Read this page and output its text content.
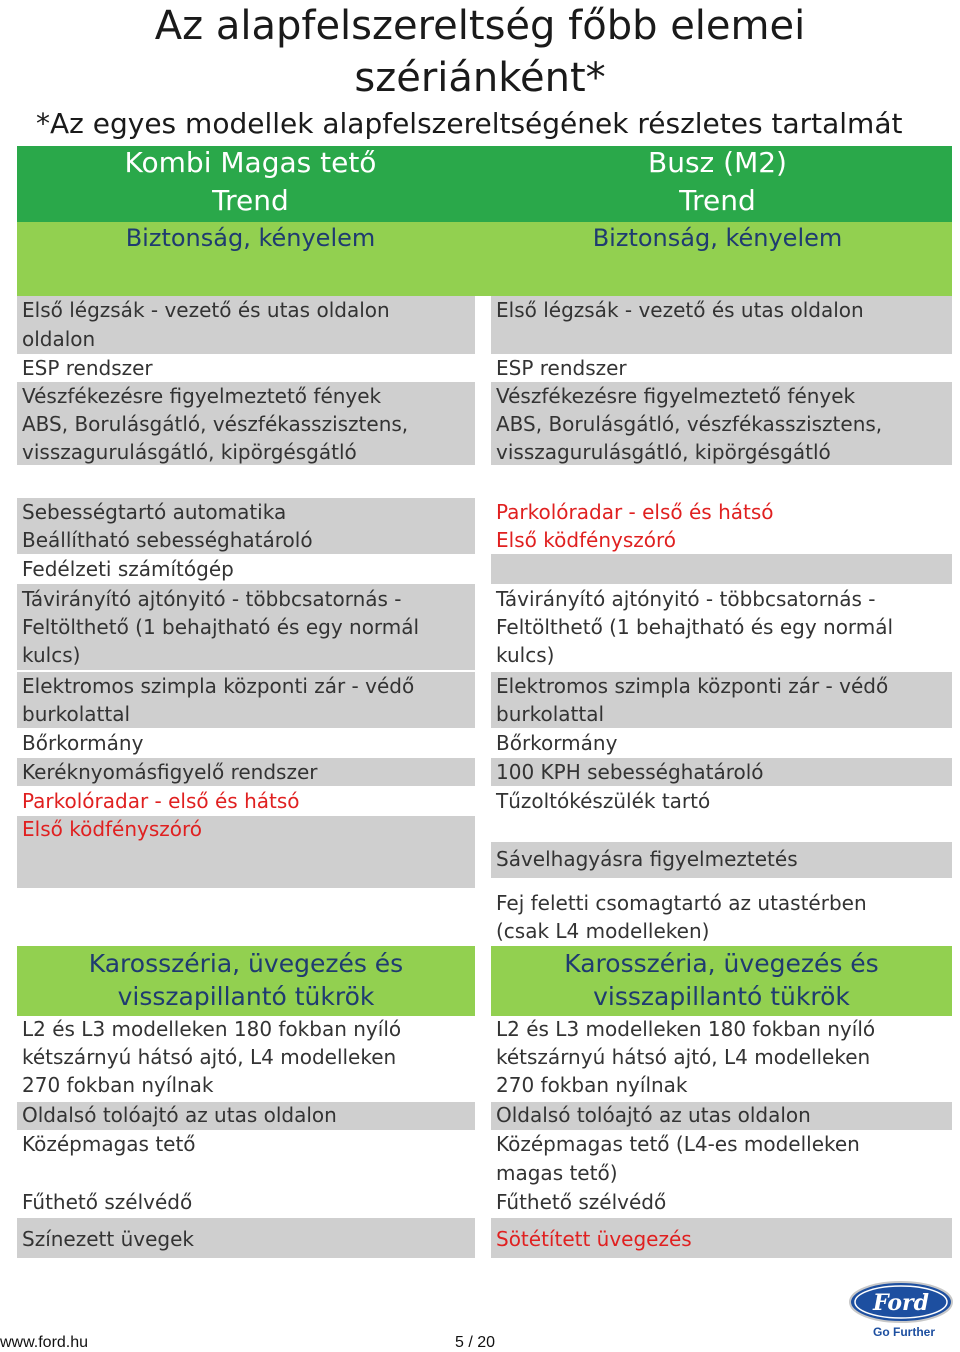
Az alapfelszereltség főbb elemei
szériánként*
*Az egyes modellek alapfelszereltségének részletes tartalmát
Kombi Magas tető
Trend
Busz (M2)
Trend
Biztonság, kényelem	Biztonság, kényelem
Első légzsák - vezető és utas oldalon
oldalon
ESP rendszer
Vészfékezésre figyelmeztető fények
ABS, Borulásgátló, vészfékasszisztens,
visszagurulásgátló, kipörgésgátló
Sebességtartó automatika
Beállítható sebességhatároló
Fedélzeti számítógép
Távirányító ajtónyitó - többcsatornás -
Feltölthető (1 behajtható és egy normál
kulcs)
Elektromos szimpla központi zár - védő
burkolattal
Bőrkormány
Keréknyomásfigyelő rendszer
Parkolóradar - első és hátsó
Első ködfényszóró
Karosszéria, üvegezés és visszapillantó tükrök
L2 és L3 modelleken 180 fokban nyíló
kétszárnyú hátsó ajtó, L4 modelleken
270 fokban nyílnak
Oldalsó tolóajtó az utas oldalon
Középmagas tető
Fűthető szélvédő
Színezett üvegek
Első légzsák - vezető és utas oldalon
ESP rendszer
Vészfékezésre figyelmeztető fények
ABS, Borulásgátló, vészfékasszisztens,
visszagurulásgátló, kipörgésgátló
Parkolóradar - első és hátsó
Első ködfényszóró
Távirányító ajtónyitó - többcsatornás -
Feltölthető (1 behajtható és egy normál
kulcs)
Elektromos szimpla központi zár - védő
burkolattal
Bőrkormány
100 KPH sebességhatároló
Tűzoltókészülék tartó
Sávelhagyásra figyelmeztetés
Fej feletti csomagtartó az utastérben
(csak L4 modelleken)
Karosszéria, üvegezés és visszapillantó tükrök
L2 és L3 modelleken 180 fokban nyíló
kétszárnyú hátsó ajtó, L4 modelleken
270 fokban nyílnak
Oldalsó tolóajtó az utas oldalon
Középmagas tető (L4-es modelleken
magas tető)
Fűthető szélvédő
Sötétített üvegezés
www.ford.hu	5 / 20
Ford
Go Further
